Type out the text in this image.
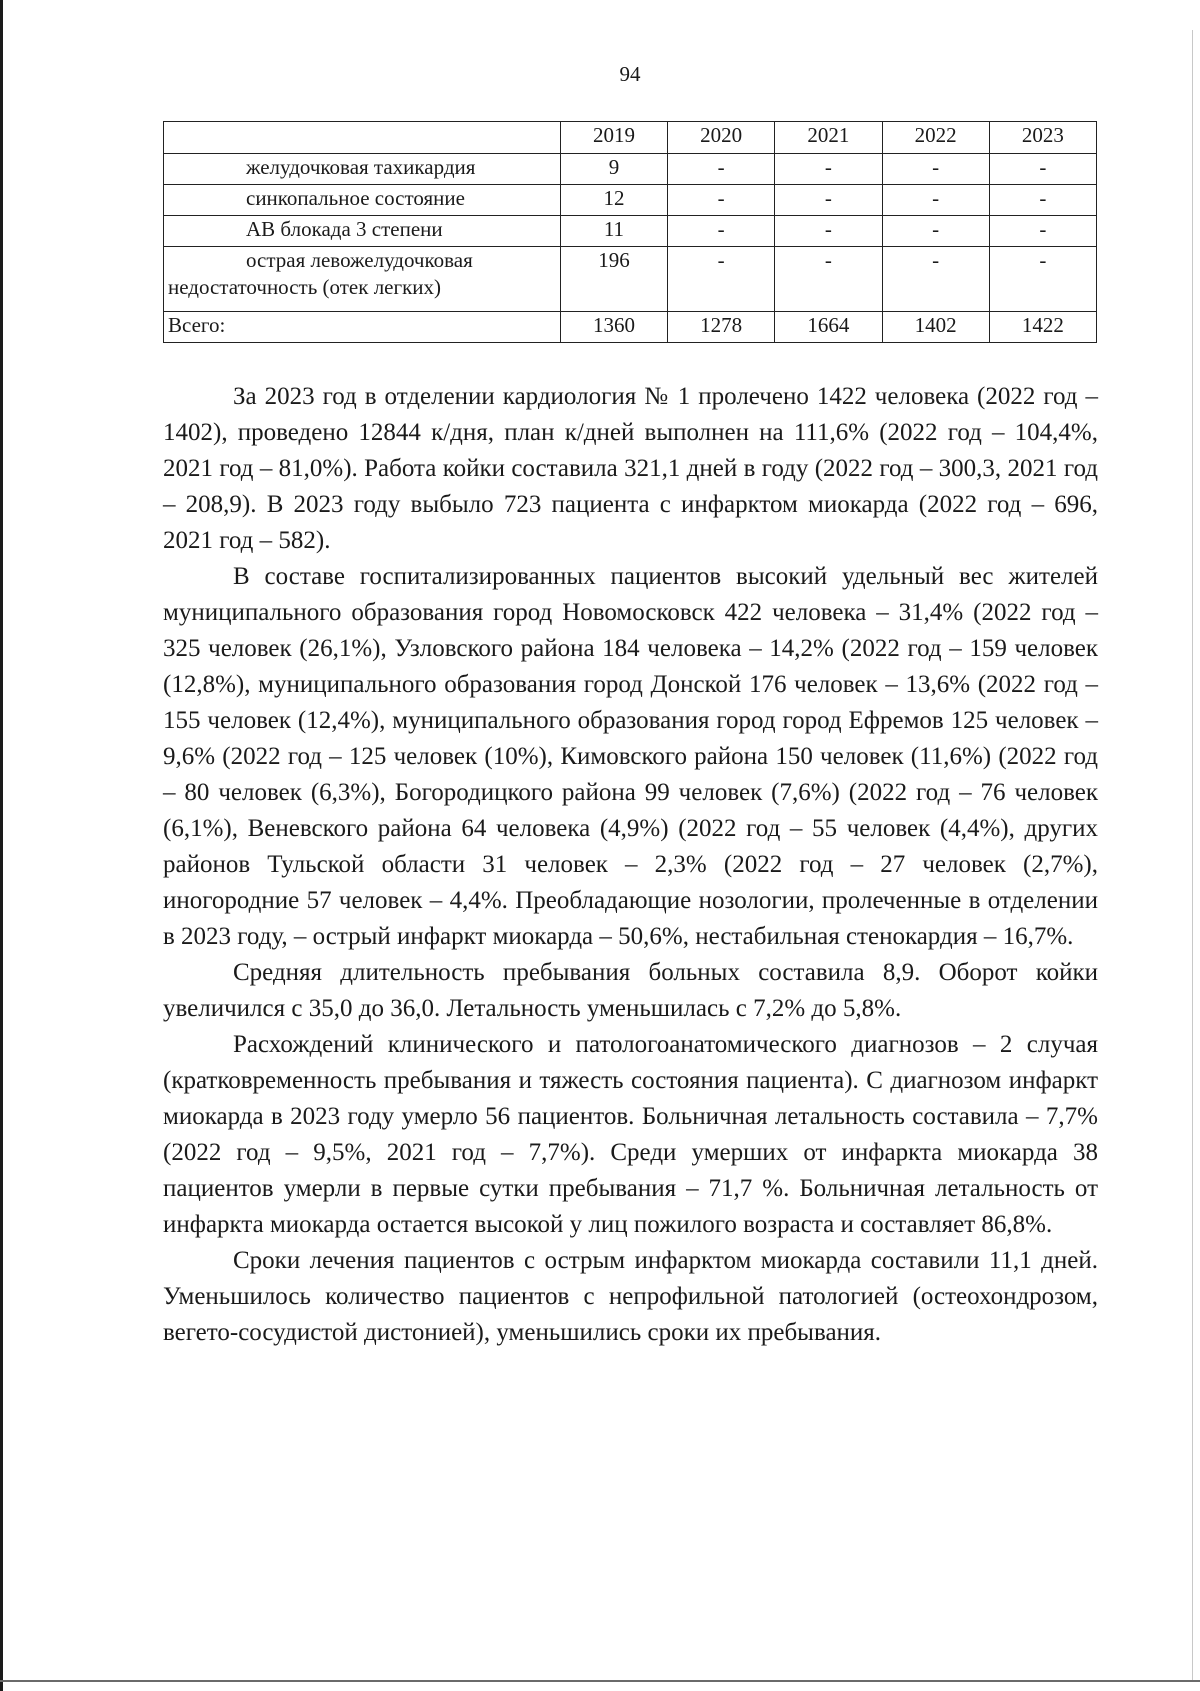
94
	2019	2020	2021	2022	2023
желудочковая тахикардия	9	-	-	-	-
синкопальное состояние	12	-	-	-	-
АВ блокада 3 степени	11	-	-	-	-
острая левожелудочковая недостаточность (отек легких)	196	-	-	-	-
Всего:	1360	1278	1664	1402	1422

За 2023 год в отделении кардиология № 1 пролечено 1422 человека (2022 год – 1402), проведено 12844 к/дня, план к/дней выполнен на 111,6% (2022 год – 104,4%, 2021 год – 81,0%). Работа койки составила 321,1 дней в году (2022 год – 300,3, 2021 год – 208,9). В 2023 году выбыло 723 пациента с инфарктом миокарда (2022 год – 696, 2021 год – 582).

В составе госпитализированных пациентов высокий удельный вес жителей муниципального образования город Новомосковск 422 человека – 31,4% (2022 год – 325 человек (26,1%), Узловского района 184 человека – 14,2% (2022 год – 159 человек (12,8%), муниципального образования город Донской 176 человек – 13,6% (2022 год – 155 человек (12,4%), муниципального образования город город Ефремов 125 человек – 9,6% (2022 год – 125 человек (10%), Кимовского района 150 человек (11,6%) (2022 год – 80 человек (6,3%), Богородицкого района 99 человек (7,6%) (2022 год – 76 человек (6,1%), Веневского района 64 человека (4,9%) (2022 год – 55 человек (4,4%), других районов Тульской области 31 человек – 2,3% (2022 год – 27 человек (2,7%), иногородние 57 человек – 4,4%. Преобладающие нозологии, пролеченные в отделении в 2023 году, – острый инфаркт миокарда – 50,6%, нестабильная стенокардия – 16,7%.

Средняя длительность пребывания больных составила 8,9. Оборот койки увеличился с 35,0 до 36,0. Летальность уменьшилась с 7,2% до 5,8%.

Расхождений клинического и патологоанатомического диагнозов – 2 случая (кратковременность пребывания и тяжесть состояния пациента). С диагнозом инфаркт миокарда в 2023 году умерло 56 пациентов. Больничная летальность составила – 7,7% (2022 год – 9,5%, 2021 год – 7,7%). Среди умерших от инфаркта миокарда 38 пациентов умерли в первые сутки пребывания – 71,7 %. Больничная летальность от инфаркта миокарда остается высокой у лиц пожилого возраста и составляет 86,8%.

Сроки лечения пациентов с острым инфарктом миокарда составили 11,1 дней. Уменьшилось количество пациентов с непрофильной патологией (остеохондрозом, вегето-сосудистой дистонией), уменьшились сроки их пребывания.
